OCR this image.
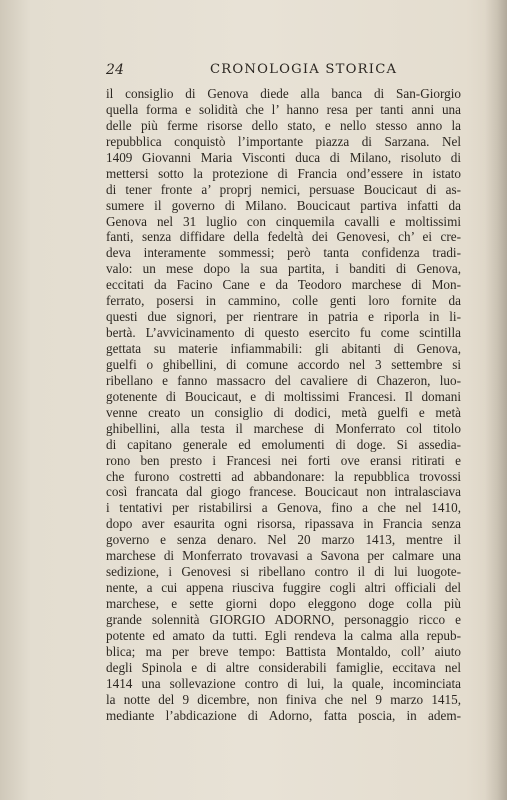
24	CRONOLOGIA STORICA
il consiglio di Genova diede alla banca di San-Giorgio
quella forma e solidità che l’ hanno resa per tanti anni una
delle più ferme risorse dello stato, e nello stesso anno la
repubblica conquistò l’importante piazza di Sarzana. Nel
1409 Giovanni Maria Visconti duca di Milano, risoluto di
mettersi sotto la protezione di Francia ond’essere in istato
di tener fronte a’ proprj nemici, persuase Boucicaut di as-
sumere il governo di Milano. Boucicaut partiva infatti da
Genova nel 31 luglio con cinquemila cavalli e moltissimi
fanti, senza diffidare della fedeltà dei Genovesi, ch’ ei cre-
deva interamente sommessi; però tanta confidenza tradi-
valo: un mese dopo la sua partita, i banditi di Genova,
eccitati da Facino Cane e da Teodoro marchese di Mon-
ferrato, posersi in cammino, colle genti loro fornite da
questi due signori, per rientrare in patria e riporla in li-
bertà. L’avvicinamento di questo esercito fu come scintilla
gettata su materie infiammabili: gli abitanti di Genova,
guelfi o ghibellini, di comune accordo nel 3 settembre si
ribellano e fanno massacro del cavaliere di Chazeron, luo-
gotenente di Boucicaut, e di moltissimi Francesi. Il domani
venne creato un consiglio di dodici, metà guelfi e metà
ghibellini, alla testa il marchese di Monferrato col titolo
di capitano generale ed emolumenti di doge. Si assedia-
rono ben presto i Francesi nei forti ove eransi ritirati e
che furono costretti ad abbandonare: la repubblica trovossi
così francata dal giogo francese. Boucicaut non intralasciava
i tentativi per ristabilirsi a Genova, fino a che nel 1410,
dopo aver esaurita ogni risorsa, ripassava in Francia senza
governo e senza denaro. Nel 20 marzo 1413, mentre il
marchese di Monferrato trovavasi a Savona per calmare una
sedizione, i Genovesi si ribellano contro il di lui luogote-
nente, a cui appena riusciva fuggire cogli altri officiali del
marchese, e sette giorni dopo eleggono doge colla più
grande solennità GIORGIO ADORNO, personaggio ricco e
potente ed amato da tutti. Egli rendeva la calma alla repub-
blica; ma per breve tempo: Battista Montaldo, coll’ aiuto
degli Spinola e di altre considerabili famiglie, eccitava nel
1414 una sollevazione contro di lui, la quale, incominciata
la notte del 9 dicembre, non finiva che nel 9 marzo 1415,
mediante l’abdicazione di Adorno, fatta poscia, in adem-
